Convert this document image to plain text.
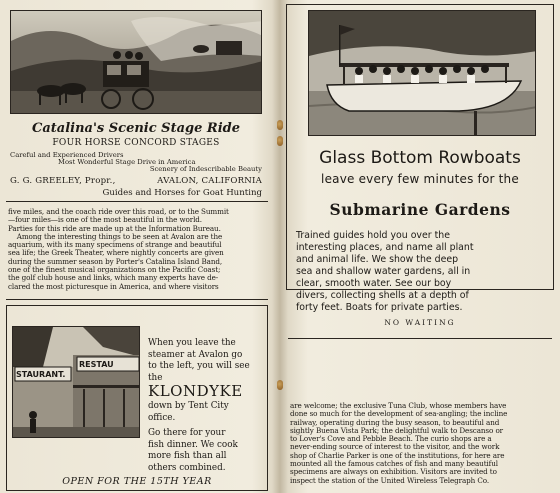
Catalina's Scenic Stage Ride
FOUR HORSE CONCORD STAGES
Careful and Experienced Drivers
Most Wonderful Stage Drive in America
Scenery of Indescribable Beauty
G. G. GREELEY, Propr.,	AVALON, CALIFORNIA
Guides and Horses for Goat Hunting
five miles, and the coach ride over this road, or to the Summit
—four miles—is one of the most beautiful in the world.
Parties for this ride are made up at the Information Bureau.
Among the interesting things to be seen at Avalon are the
aquarium, with its many specimens of strange and beautiful
sea life; the Greek Theater, where nightly concerts are given
during the summer season by Porter's Catalina Island Band,
one of the finest musical organizations on the Pacific Coast;
the golf club house and links, which many experts have de-
clared the most picturesque in America, and where visitors
STAURANT.
RESTAU
When you leave the
steamer at Avalon go
to the left, you will see
the
KLONDYKE
down by Tent City
office.
Go there for your
fish dinner. We cook
more fish than all
others combined.
OPEN FOR THE 15TH YEAR
Glass Bottom Rowboats
leave every few minutes for the
Submarine Gardens
Trained guides hold you over the
interesting places, and name all plant
and animal life. We show the deep
sea and shallow water gardens, all in
clear, smooth water. See our boy
divers, collecting shells at a depth of
forty feet. Boats for private parties.
NO WAITING
are welcome; the exclusive Tuna Club, whose members have
done so much for the development of sea-angling; the incline
railway, operating during the busy season, to beautiful and
sightly Buena Vista Park; the delightful walk to Descanso or
to Lover's Cove and Pebble Beach. The curio shops are a
never-ending source of interest to the visitor, and the work
shop of Charlie Parker is one of the institutions, for here are
mounted all the famous catches of fish and many beautiful
specimens are always on exhibition. Visitors are invited to
inspect the station of the United Wireless Telegraph Co.
